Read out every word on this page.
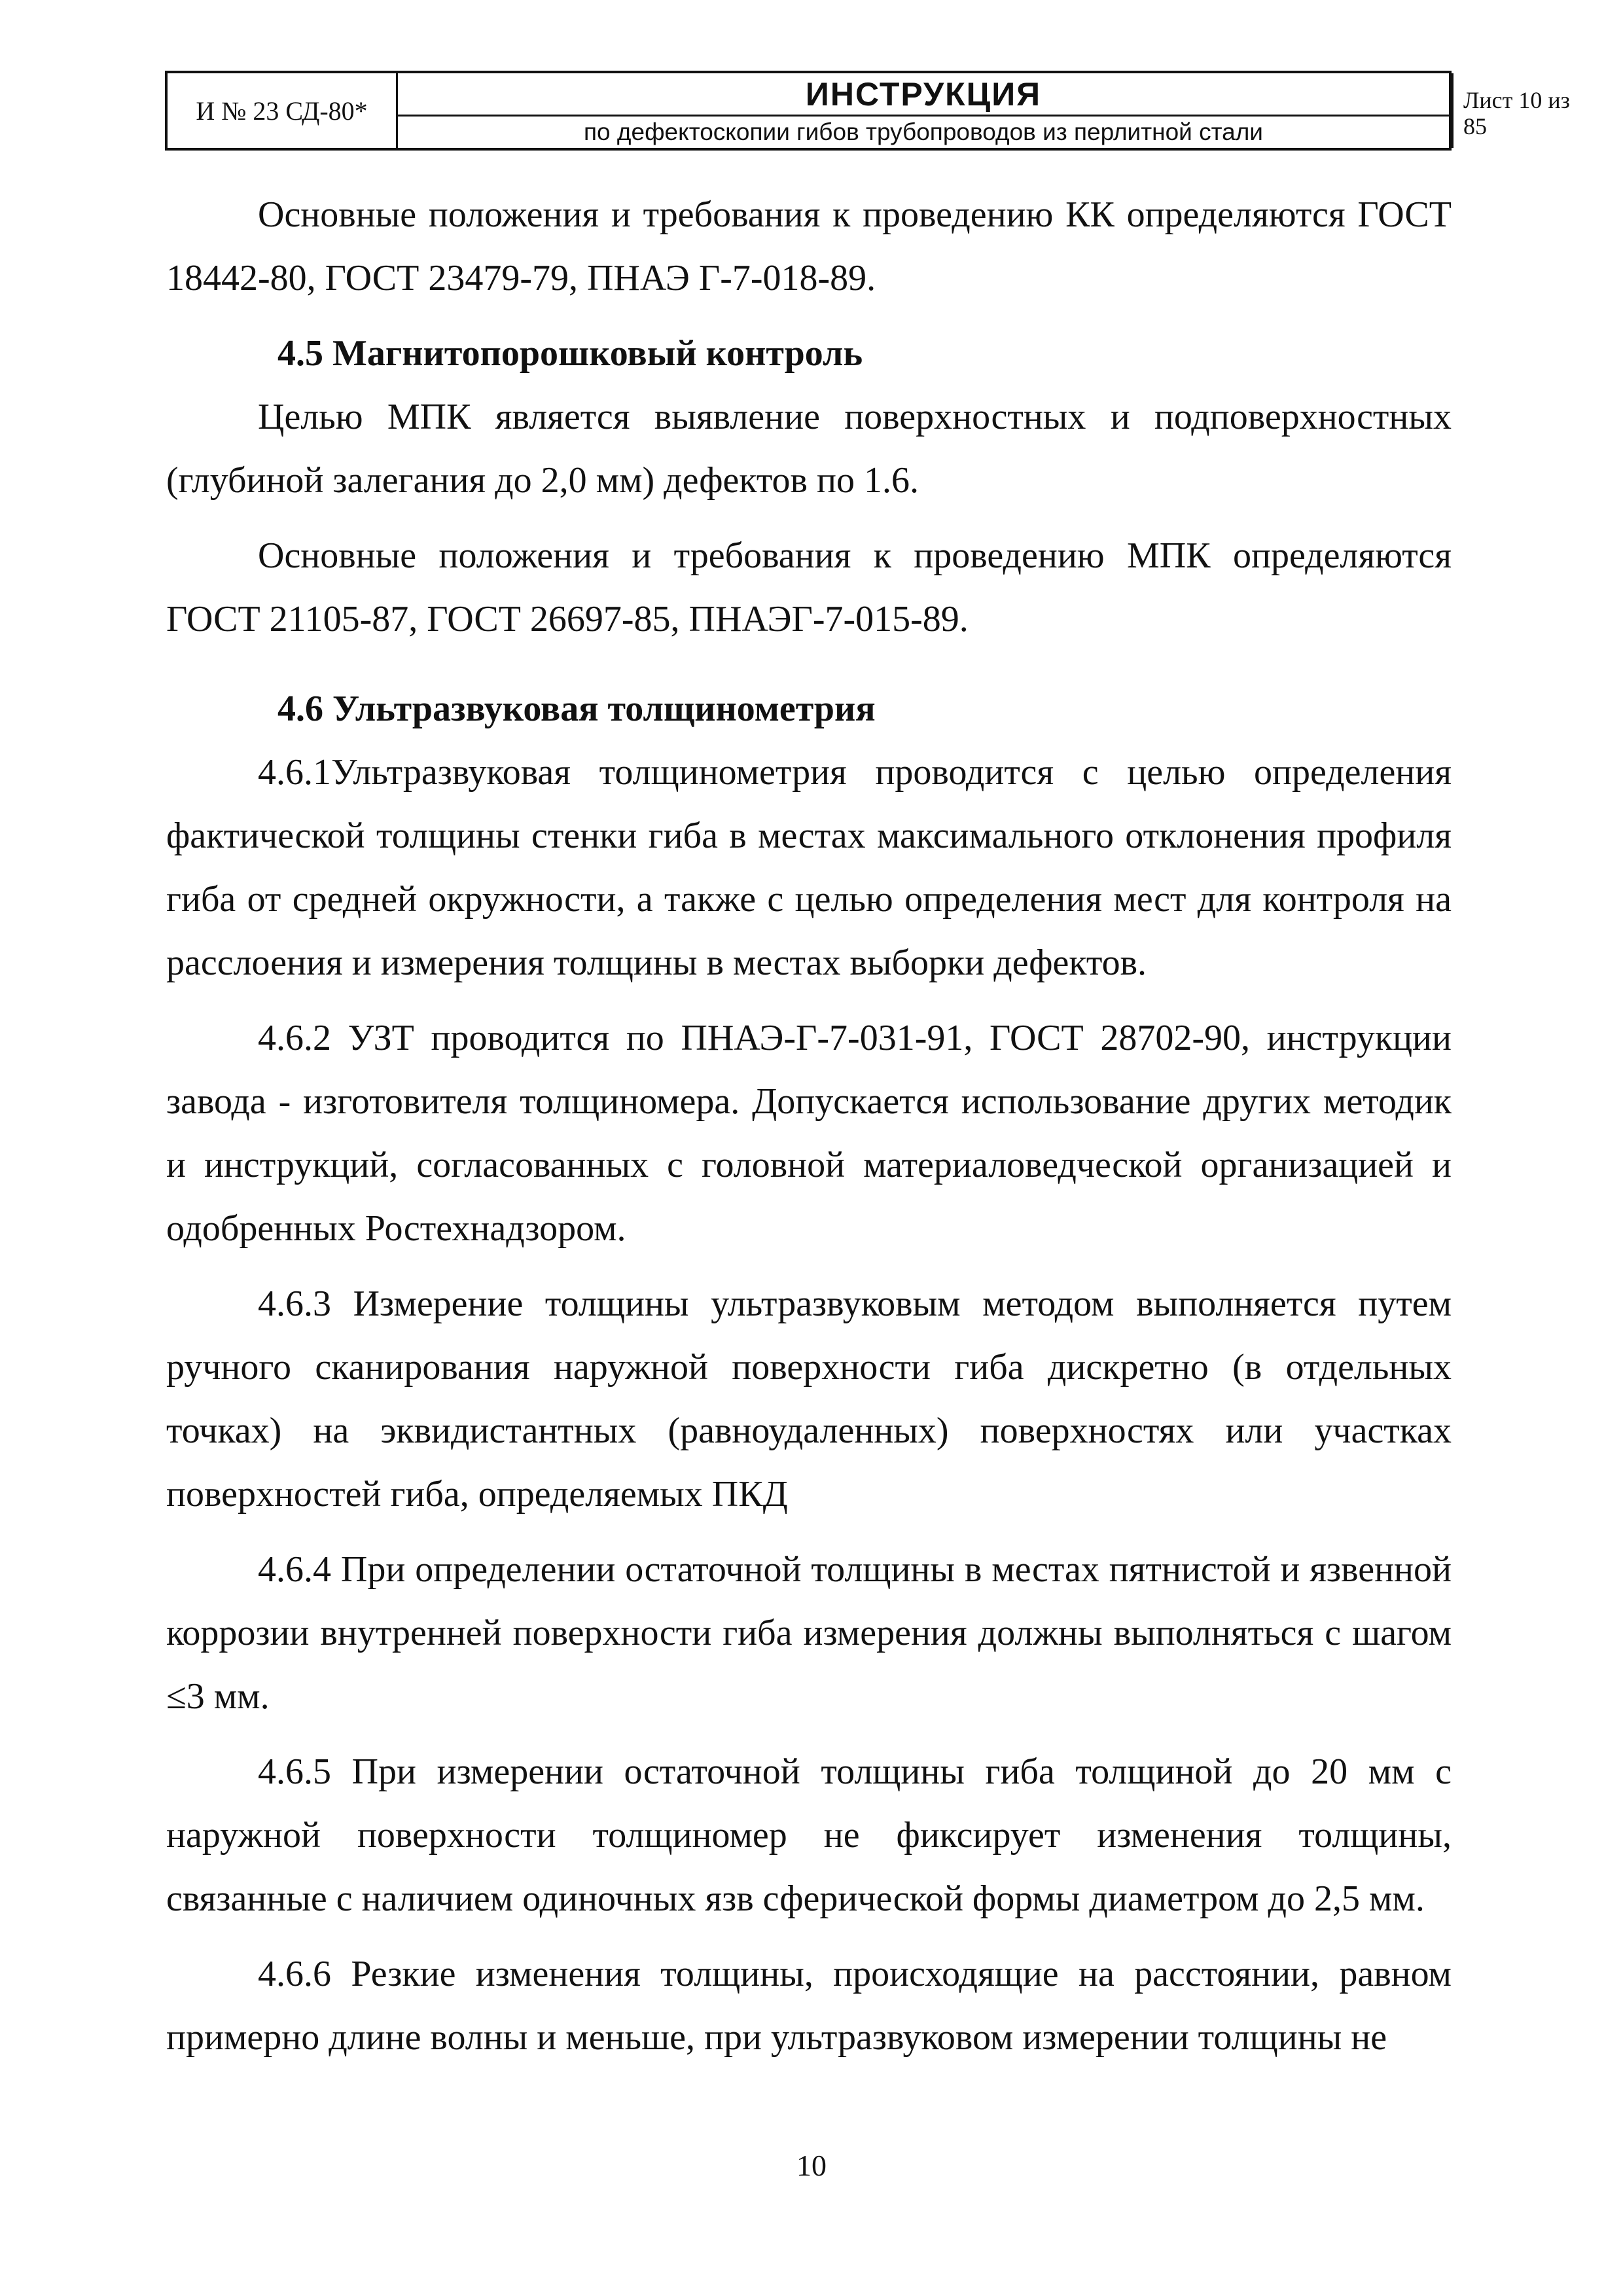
И № 23 СД-80*	ИНСТРУКЦИЯ
по дефектоскопии гибов трубопроводов из перлитной стали
Лист 10 из
85

Основные положения и требования к проведению КК определяются ГОСТ 18442-80, ГОСТ 23479-79, ПНАЭ Г-7-018-89.

4.5 Магнитопорошковый контроль

Целью МПК является выявление поверхностных и подповерхностных (глубиной залегания до 2,0 мм) дефектов по 1.6.

Основные положения и требования к проведению МПК определяются ГОСТ 21105-87, ГОСТ 26697-85, ПНАЭГ-7-015-89.

4.6 Ультразвуковая толщинометрия

4.6.1Ультразвуковая толщинометрия проводится с целью определения фактической толщины стенки гиба в местах максимального отклонения профиля гиба от средней окружности, а также с целью определения мест для контроля на расслоения и измерения толщины в местах выборки дефектов.

4.6.2 УЗТ проводится по ПНАЭ-Г-7-031-91, ГОСТ 28702-90, инструкции завода - изготовителя толщиномера. Допускается использование других методик и инструкций, согласованных с головной материаловедческой организацией и одобренных Ростехнадзором.

4.6.3 Измерение толщины ультразвуковым методом выполняется путем ручного сканирования наружной поверхности гиба дискретно (в отдельных точках) на эквидистантных (равноудаленных) поверхностях или участках поверхностей гиба, определяемых ПКД

4.6.4 При определении остаточной толщины в местах пятнистой и язвенной коррозии внутренней поверхности гиба измерения должны выполняться с шагом ≤3 мм.

4.6.5 При измерении остаточной толщины гиба толщиной до 20 мм с наружной поверхности толщиномер не фиксирует изменения толщины, связанные с наличием одиночных язв сферической формы диаметром до 2,5 мм.

4.6.6 Резкие изменения толщины, происходящие на расстоянии, равном примерно длине волны и меньше, при ультразвуковом измерении толщины не

10
